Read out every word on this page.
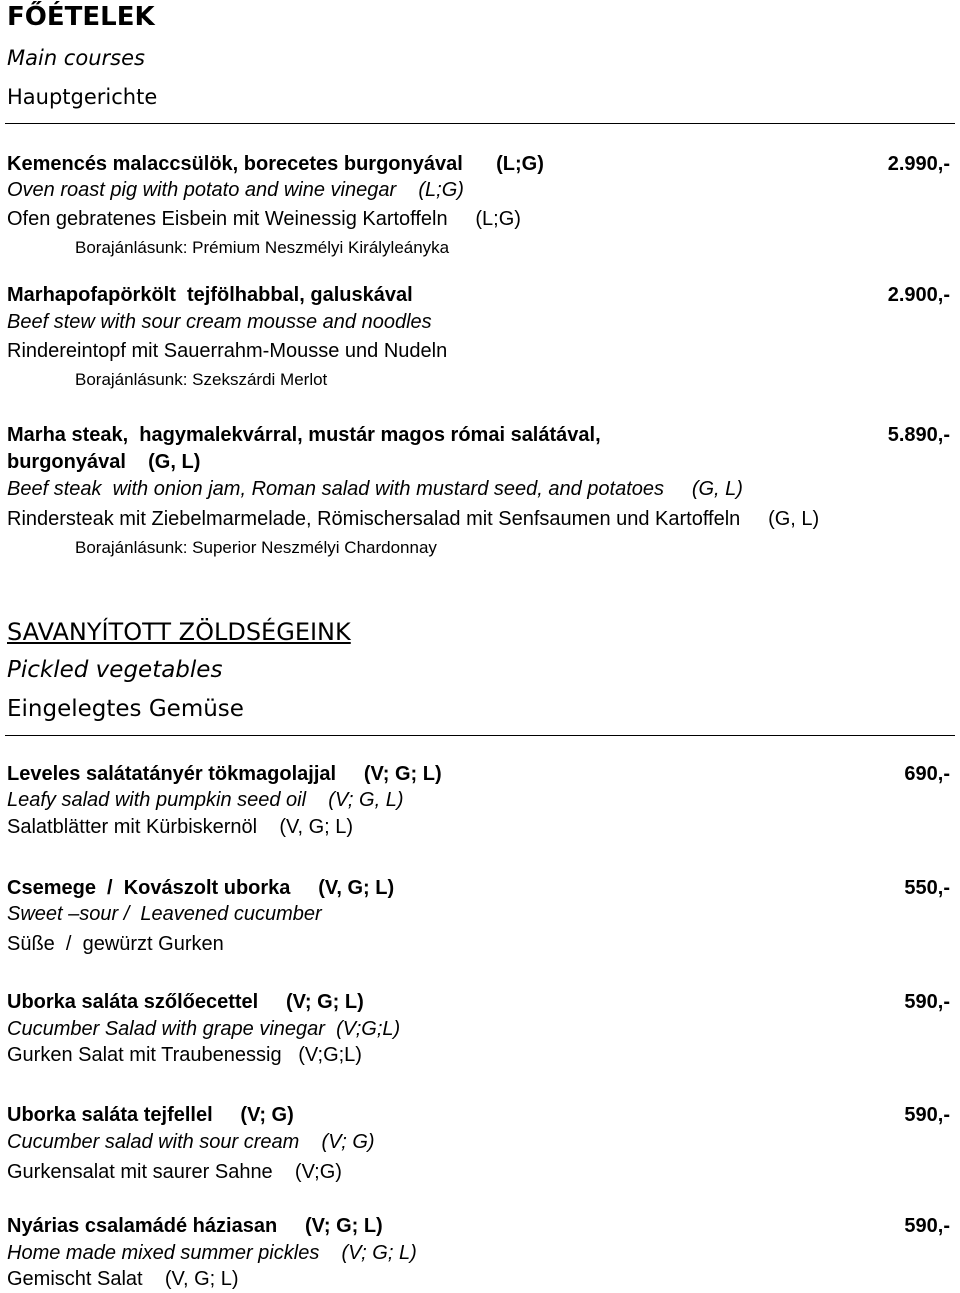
FŐÉTELEK
Main courses
Hauptgerichte
Kemencés malaccsülök, borecetes burgonyával      (L;G)	2.990,-
Oven roast pig with potato and wine vinegar    (L;G)
Ofen gebratenes Eisbein mit Weinessig Kartoffeln     (L;G)
Borajánlásunk: Prémium Neszmélyi Királyleányka
Marhapofapörkölt  tejfölhabbal, galuskával	2.900,-
Beef stew with sour cream mousse and noodles
Rindereintopf mit Sauerrahm-Mousse und Nudeln
Borajánlásunk: Szekszárdi Merlot
Marha steak,  hagymalekvárral, mustár magos római salátával,	5.890,-
burgonyával    (G, L)
Beef steak  with onion jam, Roman salad with mustard seed, and potatoes     (G, L)
Rindersteak mit Ziebelmarmelade, Römischersalad mit Senfsaumen und Kartoffeln     (G, L)
Borajánlásunk: Superior Neszmélyi Chardonnay
SAVANYÍTOTT ZÖLDSÉGEINK
Pickled vegetables
Eingelegtes Gemüse
Leveles salátatányér tökmagolajjal     (V; G; L)	690,-
Leafy salad with pumpkin seed oil    (V; G, L)
Salatblätter mit Kürbiskernöl    (V, G; L)
Csemege  /  Kovászolt uborka     (V, G; L)	550,-
Sweet –sour /  Leavened cucumber
Süße  /  gewürzt Gurken
Uborka saláta szőlőecettel     (V; G; L)	590,-
Cucumber Salad with grape vinegar  (V;G;L)
Gurken Salat mit Traubenessig   (V;G;L)
Uborka saláta tejfellel     (V; G)	590,-
Cucumber salad with sour cream    (V; G)
Gurkensalat mit saurer Sahne    (V;G)
Nyárias csalamádé háziasan     (V; G; L)	590,-
Home made mixed summer pickles    (V; G; L)
Gemischt Salat    (V, G; L)
